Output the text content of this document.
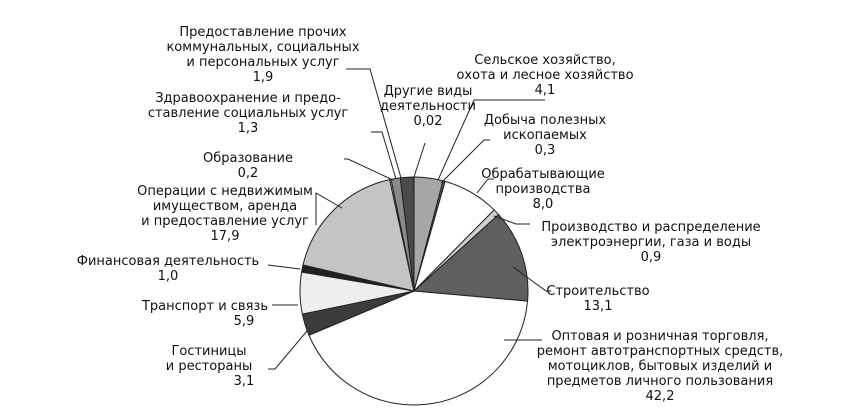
Сельское хозяйство, охота и лесное хозяйство
4,1
Добыча полезных ископаемых
0,3
Обрабатывающие производства
8,0
Производство и распределение электроэнергии, газа и воды
0,9
Строительство
13,1
Оптовая и розничная торговля, ремонт автотранспортных средств, мотоциклов, бытовых изделий и предметов личного пользования
42,2
Гостиницы и рестораны
3,1
Транспорт и связь
5,9
Финансовая деятельность
1,0
Операции с недвижимым имуществом, аренда и предоставление услуг
17,9
Образование
0,2
Здравоохранение и предо-ставление социальных услуг
1,3
Предоставление прочих коммунальных, социальных и персональных услуг
1,9
Другие виды деятельности
0,02
